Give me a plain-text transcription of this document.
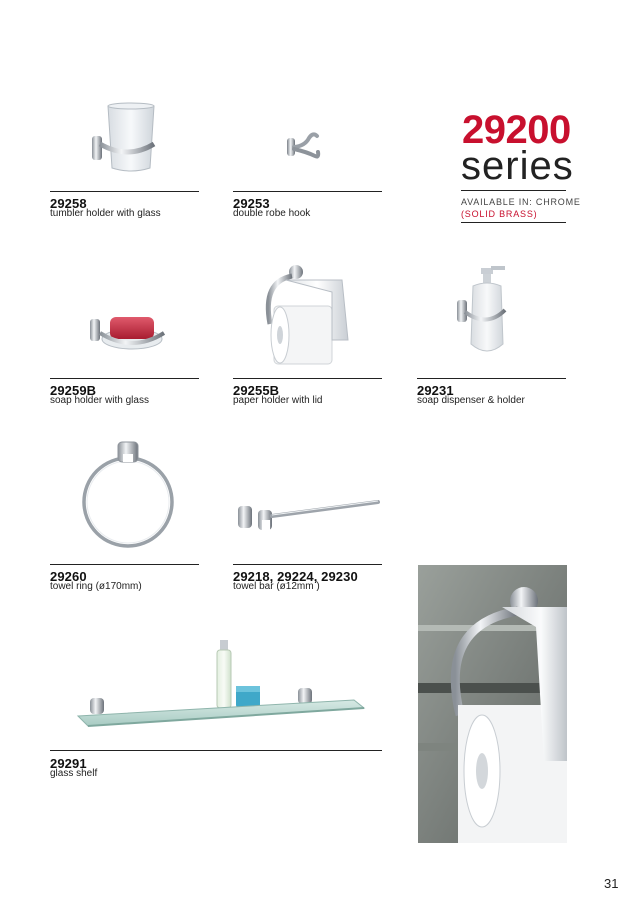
29200
series
AVAILABLE IN: CHROME
(SOLID BRASS)
29258
tumbler holder with glass
29253
double robe hook
29259B
soap holder with glass
29255B
paper holder with lid
29231
soap dispenser & holder
29260
towel ring (ø170mm)
29218, 29224, 29230
towel bar (ø12mm )
29291
glass shelf
31
